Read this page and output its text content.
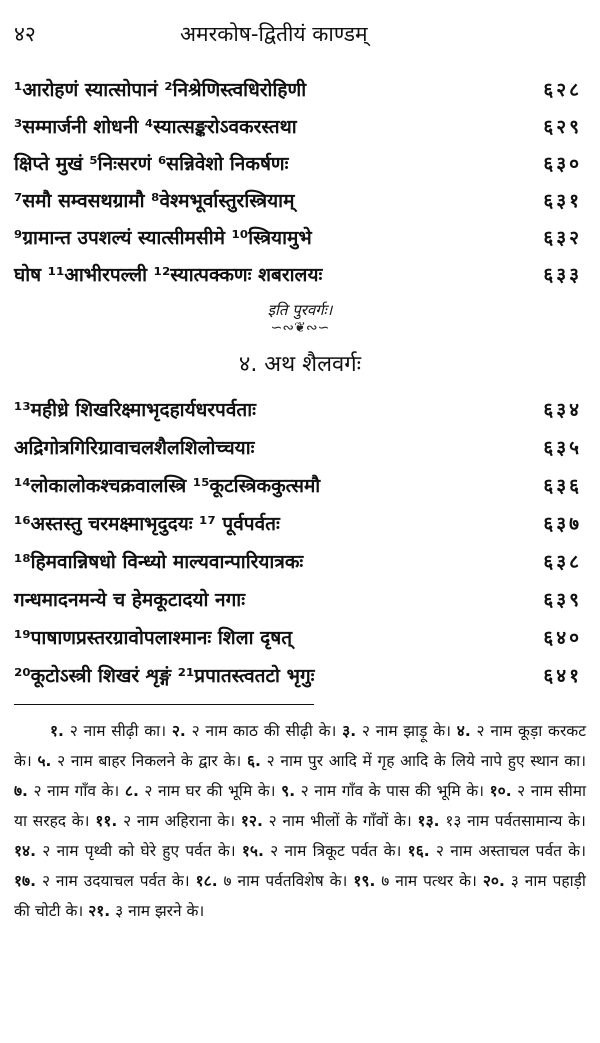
४२	अमरकोष-द्वितीयं काण्डम्
¹आरोहणं स्यात्सोपानं ²निश्रेणिस्त्वधिरोहिणी	६२८
³सम्मार्जनी शोधनी ⁴स्यात्सङ्करोऽवकरस्तथा	६२९
क्षिप्ते मुखं ⁵निःसरणं ⁶सन्निवेशो निकर्षणः	६३०
⁷समौ सम्वसथग्रामौ ⁸वेश्मभूर्वास्तुरस्त्रियाम्	६३१
⁹ग्रामान्त उपशल्यं स्यात्सीमसीमे ¹⁰स्त्रियामुभे	६३२
घोष ¹¹आभीरपल्ली ¹²स्यात्पक्कणः शबरालयः	६३३
इति पुरवर्गः।
∽∾❦∾∽
४. अथ शैलवर्गः
¹³महीध्रे शिखरिक्ष्माभृदहार्यधरपर्वताः	६३४
अद्रिगोत्रगिरिग्रावाचलशैलशिलोच्चयाः	६३५
¹⁴लोकालोकश्चक्रवालस्त्रि ¹⁵कूटस्त्रिककुत्समौ	६३६
¹⁶अस्तस्तु चरमक्ष्माभृदुदयः ¹⁷ पूर्वपर्वतः	६३७
¹⁸हिमवान्निषधो विन्ध्यो माल्यवान्पारियात्रकः	६३८
गन्धमादनमन्ये च हेमकूटादयो नगाः	६३९
¹⁹पाषाणप्रस्तरग्रावोपलाश्मानः शिला दृषत्	६४०
²⁰कूटोऽस्त्री शिखरं शृङ्गं ²¹प्रपातस्त्वतटो भृगुः	६४१
१. २ नाम सीढ़ी का। २. २ नाम काठ की सीढ़ी के। ३. २ नाम झाड़ू के। ४. २ नाम कूड़ा करकट के। ५. २ नाम बाहर निकलने के द्वार के। ६. २ नाम पुर आदि में गृह आदि के लिये नापे हुए स्थान का। ७. २ नाम गाँव के। ८. २ नाम घर की भूमि के। ९. २ नाम गाँव के पास की भूमि के। १०. २ नाम सीमा या सरहद के। ११. २ नाम अहिराना के। १२. २ नाम भीलों के गाँवों के। १३. १३ नाम पर्वतसामान्य के। १४. २ नाम पृथ्वी को घेरे हुए पर्वत के। १५. २ नाम त्रिकूट पर्वत के। १६. २ नाम अस्ताचल पर्वत के। १७. २ नाम उदयाचल पर्वत के। १८. ७ नाम पर्वतविशेष के। १९. ७ नाम पत्थर के। २०. ३ नाम पहाड़ी की चोटी के। २१. ३ नाम झरने के।
